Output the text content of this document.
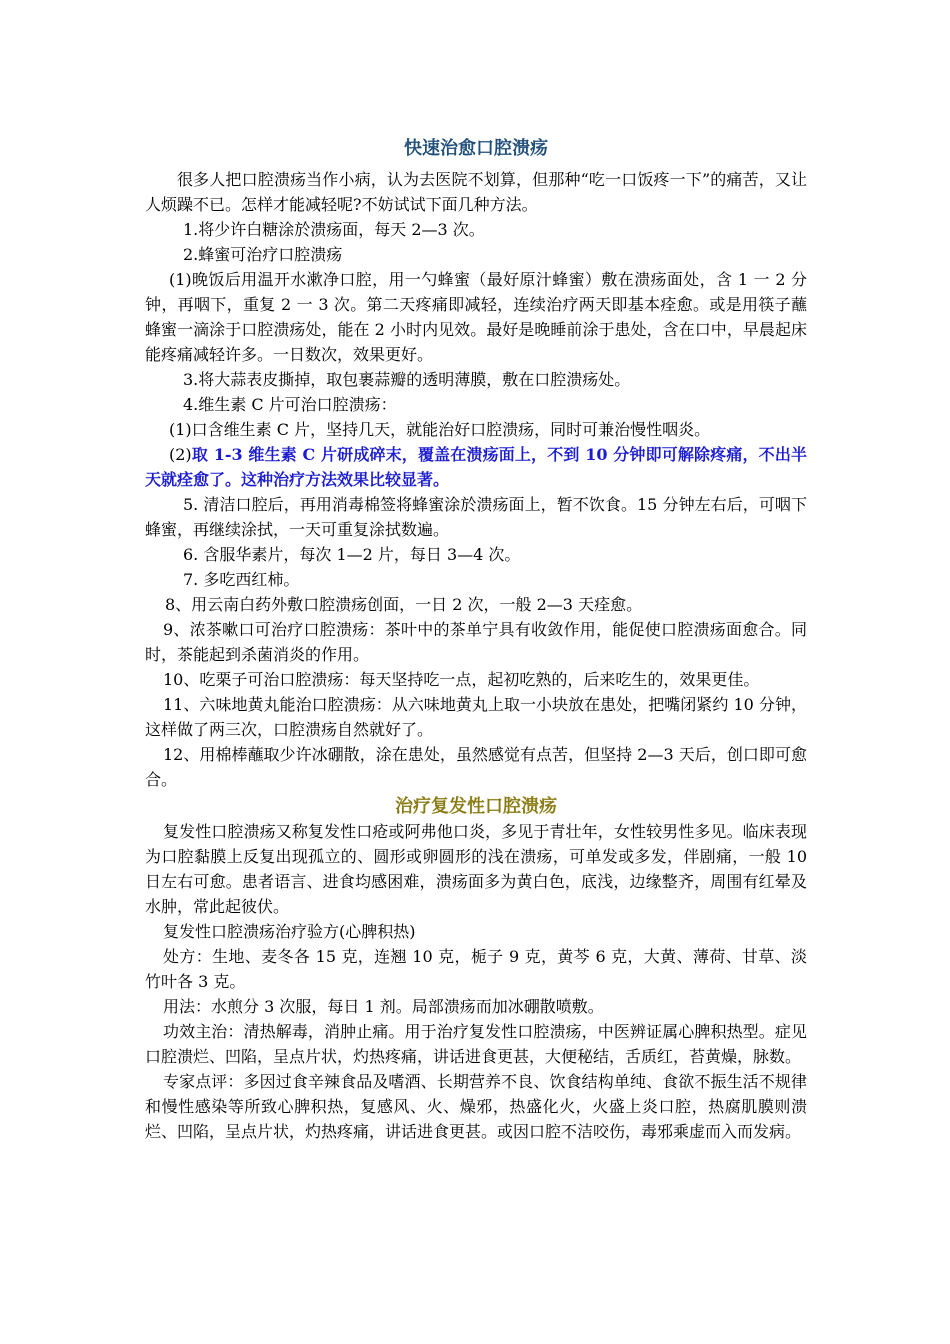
快速治愈口腔溃疡

很多人把口腔溃疡当作小病，认为去医院不划算，但那种“吃一口饭疼一下”的痛苦，又让人烦躁不已。怎样才能减轻呢?不妨试试下面几种方法。

1.将少许白糖涂於溃疡面，每天 2—3 次。

2.蜂蜜可治疗口腔溃疡

(1)晚饭后用温开水漱净口腔，用一勺蜂蜜（最好原汁蜂蜜）敷在溃疡面处，含 1 一 2 分钟，再咽下，重复 2 一 3 次。第二天疼痛即减轻，连续治疗两天即基本痊愈。或是用筷子蘸蜂蜜一滴涂于口腔溃疡处，能在 2 小时内见效。最好是晚睡前涂于患处，含在口中，早晨起床能疼痛减轻许多。一日数次，效果更好。

3.将大蒜表皮撕掉，取包裹蒜瓣的透明薄膜，敷在口腔溃疡处。

4.维生素 C 片可治口腔溃疡：

(1)口含维生素 C 片，坚持几天，就能治好口腔溃疡，同时可兼治慢性咽炎。

(2)取 1-3 维生素 C 片研成碎末，覆盖在溃疡面上，不到 10 分钟即可解除疼痛，不出半天就痊愈了。这种治疗方法效果比较显著。

5. 清洁口腔后，再用消毒棉签将蜂蜜涂於溃疡面上，暂不饮食。15 分钟左右后，可咽下蜂蜜，再继续涂拭，一天可重复涂拭数遍。

6. 含服华素片，每次 1—2 片，每日 3—4 次。

7. 多吃西红柿。

8、用云南白药外敷口腔溃疡创面，一日 2 次，一般 2—3 天痊愈。

9、浓茶嗽口可治疗口腔溃疡：茶叶中的茶单宁具有收敛作用，能促使口腔溃疡面愈合。同时，茶能起到杀菌消炎的作用。

10、吃栗子可治口腔溃疡：每天坚持吃一点，起初吃熟的，后来吃生的，效果更佳。

11、六味地黄丸能治口腔溃疡：从六味地黄丸上取一小块放在患处，把嘴闭紧约 10 分钟，这样做了两三次，口腔溃疡自然就好了。

12、用棉棒蘸取少许冰硼散，涂在患处，虽然感觉有点苦，但坚持 2—3 天后，创口即可愈合。

治疗复发性口腔溃疡

复发性口腔溃疡又称复发性口疮或阿弗他口炎，多见于青壮年，女性较男性多见。临床表现为口腔黏膜上反复出现孤立的、圆形或卵圆形的浅在溃疡，可单发或多发，伴剧痛，一般 10 日左右可愈。患者语言、进食均感困难，溃疡面多为黄白色，底浅，边缘整齐，周围有红晕及水肿，常此起彼伏。

复发性口腔溃疡治疗验方(心脾积热)

处方：生地、麦冬各 15 克，连翘 10 克，栀子 9 克，黄芩 6 克，大黄、薄荷、甘草、淡竹叶各 3 克。

用法：水煎分 3 次服，每日 1 剂。局部溃疡而加冰硼散喷敷。

功效主治：清热解毒，消肿止痛。用于治疗复发性口腔溃疡，中医辨证属心脾积热型。症见口腔溃烂、凹陷，呈点片状，灼热疼痛，讲话进食更甚，大便秘结，舌质红，苔黄燥，脉数。

专家点评：多因过食辛辣食品及嗜酒、长期营养不良、饮食结构单纯、食欲不振生活不规律和慢性感染等所致心脾积热，复感风、火、燥邪，热盛化火，火盛上炎口腔，热腐肌膜则溃烂、凹陷，呈点片状，灼热疼痛，讲话进食更甚。或因口腔不洁咬伤，毒邪乘虚而入而发病。
